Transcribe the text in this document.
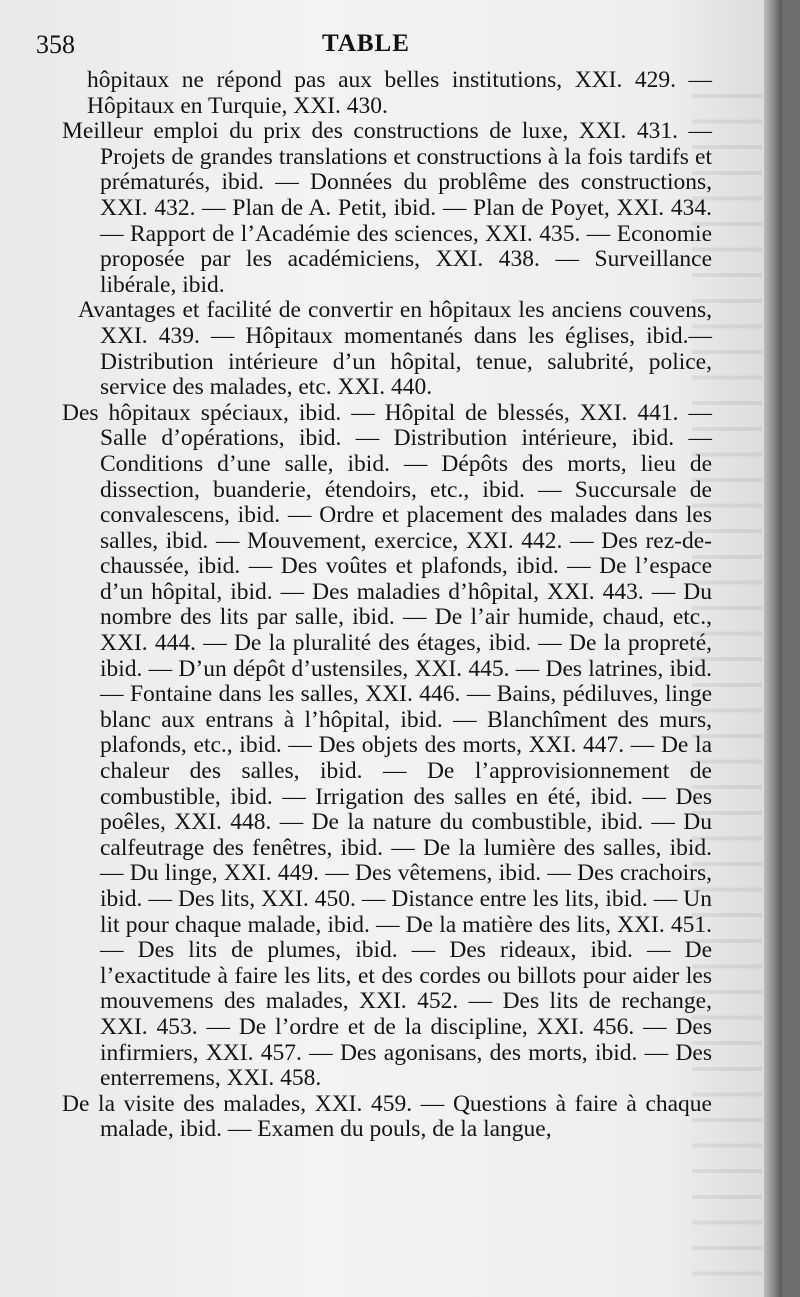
358	TABLE

hôpitaux ne répond pas aux belles institutions, XXI. 429. — Hôpitaux en Turquie, XXI. 430.

Meilleur emploi du prix des constructions de luxe, XXI. 431. — Projets de grandes translations et constructions à la fois tardifs et prématurés, ibid. — Données du problême des constructions, XXI. 432. — Plan de A. Petit, ibid. — Plan de Poyet, XXI. 434. — Rapport de l’Académie des sciences, XXI. 435. — Economie proposée par les académiciens, XXI. 438. — Surveillance libérale, ibid.

Avantages et facilité de convertir en hôpitaux les anciens couvens, XXI. 439. — Hôpitaux momentanés dans les églises, ibid.— Distribution intérieure d’un hôpital, tenue, salubrité, police, service des malades, etc. XXI. 440.

Des hôpitaux spéciaux, ibid. — Hôpital de blessés, XXI. 441. — Salle d’opérations, ibid. — Distribution intérieure, ibid. — Conditions d’une salle, ibid. — Dépôts des morts, lieu de dissection, buanderie, étendoirs, etc., ibid. — Succursale de convalescens, ibid. — Ordre et placement des malades dans les salles, ibid. — Mouvement, exercice, XXI. 442. — Des rez-de-chaussée, ibid. — Des voûtes et plafonds, ibid. — De l’espace d’un hôpital, ibid. — Des maladies d’hôpital, XXI. 443. — Du nombre des lits par salle, ibid. — De l’air humide, chaud, etc., XXI. 444. — De la pluralité des étages, ibid. — De la propreté, ibid. — D’un dépôt d’ustensiles, XXI. 445. — Des latrines, ibid. — Fontaine dans les salles, XXI. 446. — Bains, pédiluves, linge blanc aux entrans à l’hôpital, ibid. — Blanchîment des murs, plafonds, etc., ibid. — Des objets des morts, XXI. 447. — De la chaleur des salles, ibid. — De l’approvisionnement de combustible, ibid. — Irrigation des salles en été, ibid. — Des poêles, XXI. 448. — De la nature du combustible, ibid. — Du calfeutrage des fenêtres, ibid. — De la lumière des salles, ibid. — Du linge, XXI. 449. — Des vêtemens, ibid. — Des crachoirs, ibid. — Des lits, XXI. 450. — Distance entre les lits, ibid. — Un lit pour chaque malade, ibid. — De la matière des lits, XXI. 451. — Des lits de plumes, ibid. — Des rideaux, ibid. — De l’exactitude à faire les lits, et des cordes ou billots pour aider les mouvemens des malades, XXI. 452. — Des lits de rechange, XXI. 453. — De l’ordre et de la discipline, XXI. 456. — Des infirmiers, XXI. 457. — Des agonisans, des morts, ibid. — Des enterremens, XXI. 458.

De la visite des malades, XXI. 459. — Questions à faire à chaque malade, ibid. — Examen du pouls, de la langue,
